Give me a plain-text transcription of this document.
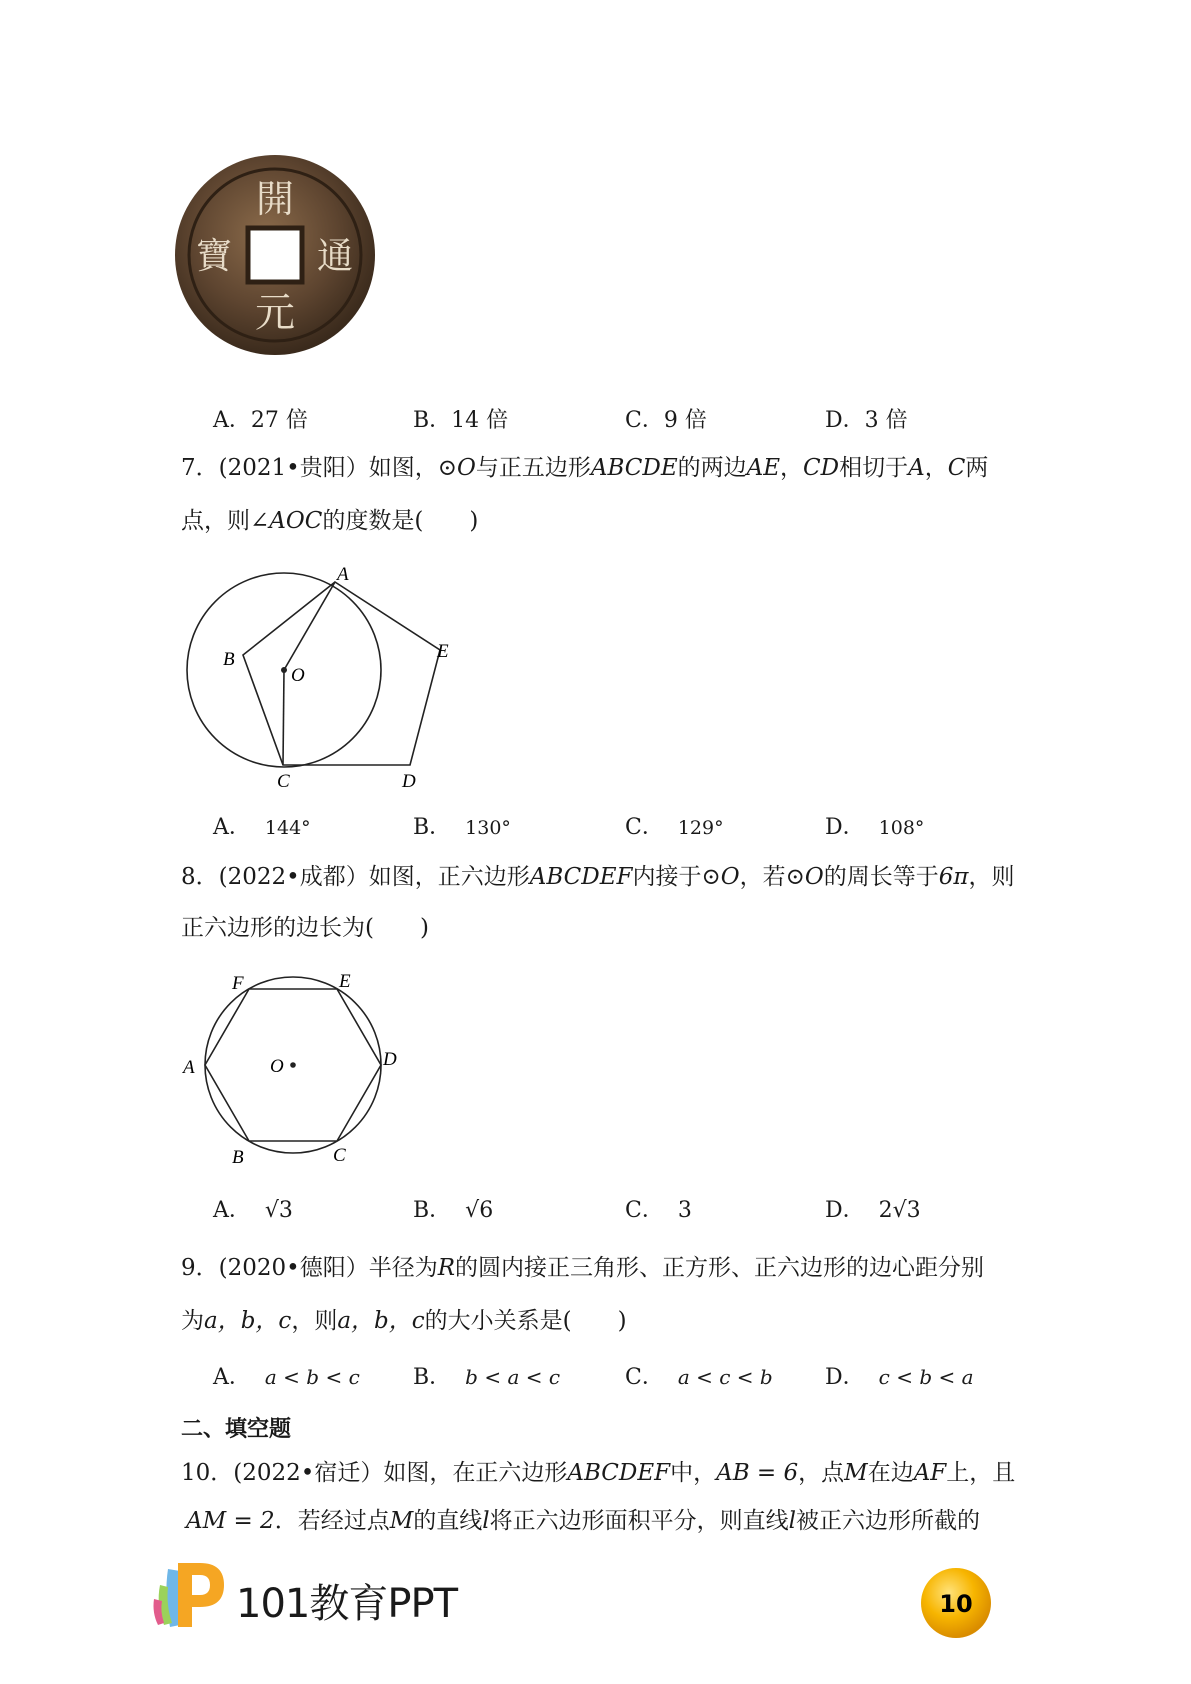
開
通
元
寶
A．27 倍	B．14 倍	C．9 倍	D．3 倍
7．(2021•贵阳）如图，⊙O与正五边形ABCDE的两边AE，CD相切于A，C两
点，则∠AOC的度数是(　　)
A
B
C	D
E
O
A． 144°	B． 130°	C． 129°	D． 108°
8．(2022•成都）如图，正六边形ABCDEF内接于⊙O，若⊙O的周长等于6π，则
正六边形的边长为(　　)
F	E
A	D
B	C
O
A． √3	B． √6	C． 3	D． 2√3
9．(2020•德阳）半径为R的圆内接正三角形、正方形、正六边形的边心距分别
为a，b，c，则a，b，c的大小关系是(　　)
A． a < b < c B． b < a < c	C． a < c < b D． c < b < a
二、填空题
10．(2022•宿迁）如图，在正六边形ABCDEF中，AB = 6，点M在边AF上，且
AM = 2．若经过点M的直线l将正六边形面积平分，则直线l被正六边形所截的
101教育PPT	10
